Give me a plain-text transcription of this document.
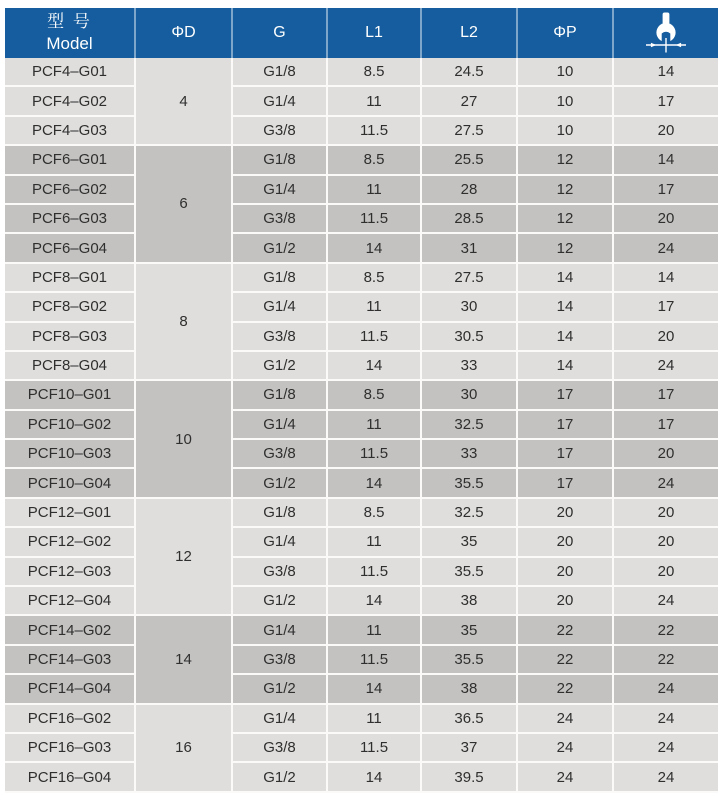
型 号
Model	ΦD	G	L1	L2	ΦP	

PCF4–G01	4	G1/8	8.5	24.5	10	14
PCF4–G02		G1/4	11	27	10	17
PCF4–G03		G3/8	11.5	27.5	10	20
PCF6–G01	6	G1/8	8.5	25.5	12	14
PCF6–G02		G1/4	11	28	12	17
PCF6–G03		G3/8	11.5	28.5	12	20
PCF6–G04		G1/2	14	31	12	24
PCF8–G01	8	G1/8	8.5	27.5	14	14
PCF8–G02		G1/4	11	30	14	17
PCF8–G03		G3/8	11.5	30.5	14	20
PCF8–G04		G1/2	14	33	14	24
PCF10–G01	10	G1/8	8.5	30	17	17
PCF10–G02		G1/4	11	32.5	17	17
PCF10–G03		G3/8	11.5	33	17	20
PCF10–G04		G1/2	14	35.5	17	24
PCF12–G01	12	G1/8	8.5	32.5	20	20
PCF12–G02		G1/4	11	35	20	20
PCF12–G03		G3/8	11.5	35.5	20	20
PCF12–G04		G1/2	14	38	20	24
PCF14–G02	14	G1/4	11	35	22	22
PCF14–G03		G3/8	11.5	35.5	22	22
PCF14–G04		G1/2	14	38	22	24
PCF16–G02	16	G1/4	11	36.5	24	24
PCF16–G03		G3/8	11.5	37	24	24
PCF16–G04		G1/2	14	39.5	24	24
